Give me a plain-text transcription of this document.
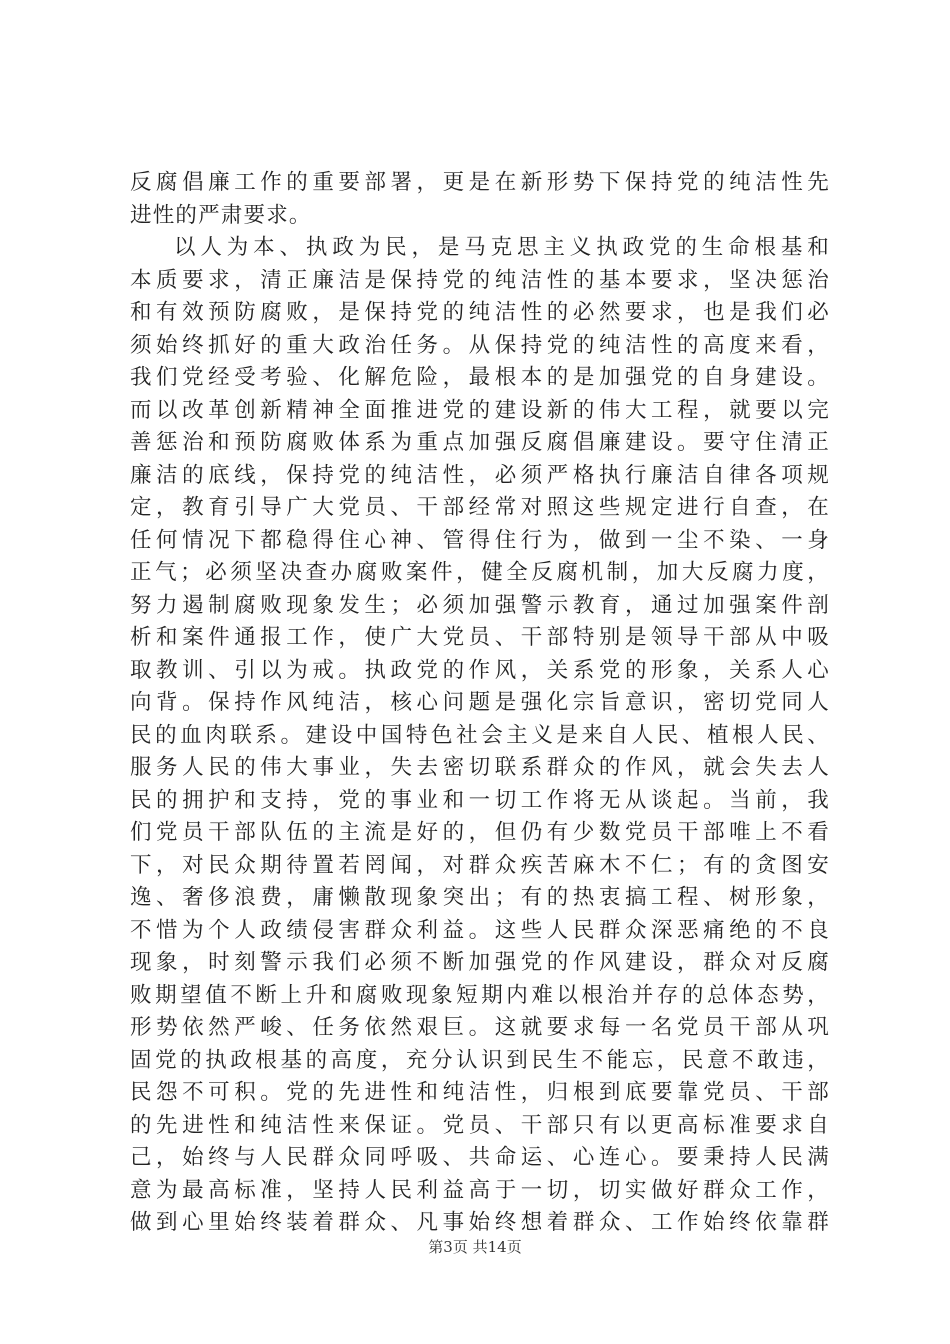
反腐倡廉工作的重要部署，更是在新形势下保持党的纯洁性先
进性的严肃要求。
以人为本、执政为民，是马克思主义执政党的生命根基和
本质要求，清正廉洁是保持党的纯洁性的基本要求，坚决惩治
和有效预防腐败，是保持党的纯洁性的必然要求，也是我们必
须始终抓好的重大政治任务。从保持党的纯洁性的高度来看，
我们党经受考验、化解危险，最根本的是加强党的自身建设。
而以改革创新精神全面推进党的建设新的伟大工程，就要以完
善惩治和预防腐败体系为重点加强反腐倡廉建设。要守住清正
廉洁的底线，保持党的纯洁性，必须严格执行廉洁自律各项规
定，教育引导广大党员、干部经常对照这些规定进行自查，在
任何情况下都稳得住心神、管得住行为，做到一尘不染、一身
正气；必须坚决查办腐败案件，健全反腐机制，加大反腐力度，
努力遏制腐败现象发生；必须加强警示教育，通过加强案件剖
析和案件通报工作，使广大党员、干部特别是领导干部从中吸
取教训、引以为戒。执政党的作风，关系党的形象，关系人心
向背。保持作风纯洁，核心问题是强化宗旨意识，密切党同人
民的血肉联系。建设中国特色社会主义是来自人民、植根人民、
服务人民的伟大事业，失去密切联系群众的作风，就会失去人
民的拥护和支持，党的事业和一切工作将无从谈起。当前，我
们党员干部队伍的主流是好的，但仍有少数党员干部唯上不看
下，对民众期待置若罔闻，对群众疾苦麻木不仁；有的贪图安
逸、奢侈浪费，庸懒散现象突出；有的热衷搞工程、树形象，
不惜为个人政绩侵害群众利益。这些人民群众深恶痛绝的不良
现象，时刻警示我们必须不断加强党的作风建设，群众对反腐
败期望值不断上升和腐败现象短期内难以根治并存的总体态势，
形势依然严峻、任务依然艰巨。这就要求每一名党员干部从巩
固党的执政根基的高度，充分认识到民生不能忘，民意不敢违，
民怨不可积。党的先进性和纯洁性，归根到底要靠党员、干部
的先进性和纯洁性来保证。党员、干部只有以更高标准要求自
己，始终与人民群众同呼吸、共命运、心连心。要秉持人民满
意为最高标准，坚持人民利益高于一切，切实做好群众工作，
做到心里始终装着群众、凡事始终想着群众、工作始终依靠群
第3页 共14页
